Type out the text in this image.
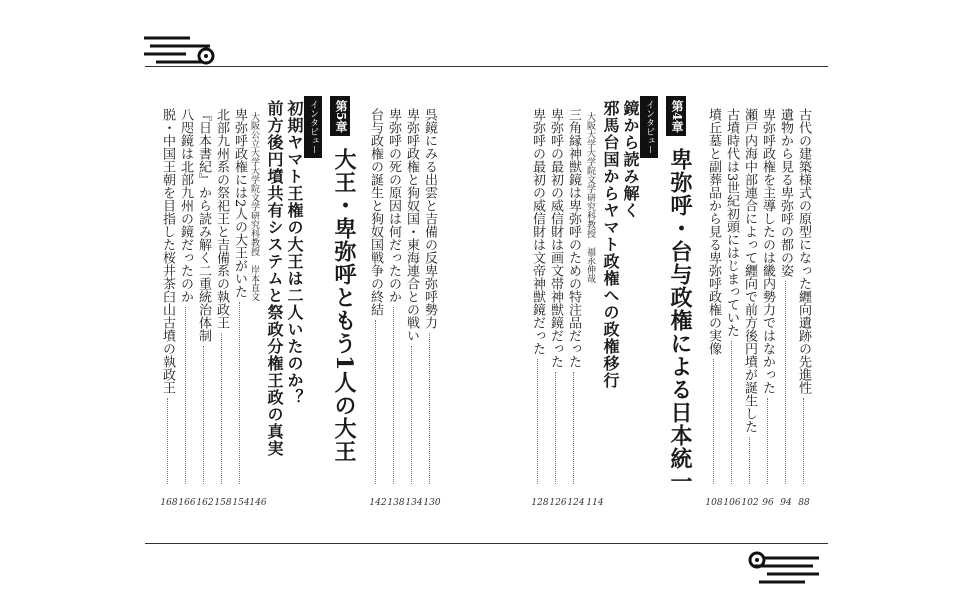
古代の建築様式の原型になった纒向遺跡の先進性
88
遺物から見る卑弥呼の都の姿
94
卑弥呼政権を主導したのは畿内勢力ではなかった
96
瀬戸内海中部連合によって纒向で前方後円墳が誕生した
102
古墳時代は3世紀初頭にはじまっていた
106
墳丘墓と副葬品から見る卑弥呼政権の実像
108
第4章
卑弥呼・台与政権による日本統一
インタビュー
鏡から読み解く
邪馬台国からヤマト政権への政権移行
大阪大学大学院文学研究科教授　福永伸哉
114
三角縁神獣鏡は卑弥呼のための特注品だった
124
卑弥呼の最初の威信財は画文帯神獣鏡だった
126
卑弥呼の最初の威信財は文帝神獣鏡だった
128
呉鏡にみる出雲と吉備の反卑弥呼勢力
130
卑弥呼政権と狗奴国・東海連合との戦い
134
卑弥呼の死の原因は何だったのか
138
台与政権の誕生と狗奴国戦争の終結
142
第5章
大王・卑弥呼ともう1人の大王
インタビュー
初期ヤマト王権の大王は二人いたのか？
前方後円墳共有システムと祭政分権王政の真実
大阪公立大学大学院文学研究科教授　岸本直文
146
卑弥呼政権には2人の大王がいた
154
北部九州系の祭祀王と吉備系の執政王
158
『日本書紀』から読み解く二重統治体制
162
八咫鏡は北部九州の鏡だったのか
166
脱・中国王朝を目指した桜井茶臼山古墳の執政王
168
